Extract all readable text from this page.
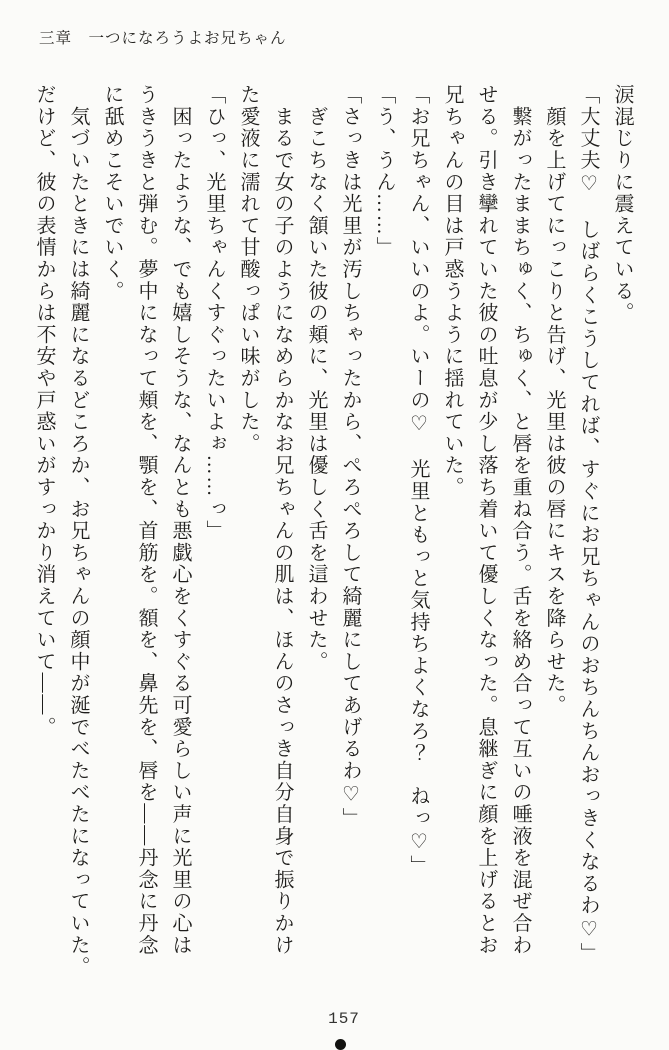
三章　一つになろうよお兄ちゃん
涙混じりに震えている。
「大丈夫♡　しばらくこうしてれば、すぐにお兄ちゃんのおちんちんおっきくなるわ♡」
　顔を上げてにっこりと告げ、光里は彼の唇にキスを降らせた。
　繋がったままちゅく、ちゅく、と唇を重ね合う。舌を絡め合って互いの唾液を混ぜ合わ
せる。引き攣れていた彼の吐息が少し落ち着いて優しくなった。息継ぎに顔を上げるとお
兄ちゃんの目は戸惑うように揺れていた。
「お兄ちゃん、いいのよ。いーの♡　光里ともっと気持ちよくなろ？　ねっ♡」
「う、うん……」
「さっきは光里が汚しちゃったから、ぺろぺろして綺麗にしてあげるわ♡」
　ぎこちなく頷いた彼の頬に、光里は優しく舌を這わせた。
　まるで女の子のようになめらかなお兄ちゃんの肌は、ほんのさっき自分自身で振りかけ
た愛液に濡れて甘酸っぱい味がした。
「ひっ、光里ちゃんくすぐったいよぉ……っ」
　困ったような、でも嬉しそうな、なんとも悪戯心をくすぐる可愛らしい声に光里の心は
うきうきと弾む。夢中になって頬を、顎を、首筋を。額を、鼻先を、唇を――丹念に丹念
に舐めこそいでいく。
　気づいたときには綺麗になるどころか、お兄ちゃんの顔中が涎でべたべたになっていた。
だけど、彼の表情からは不安や戸惑いがすっかり消えていて――。
157
